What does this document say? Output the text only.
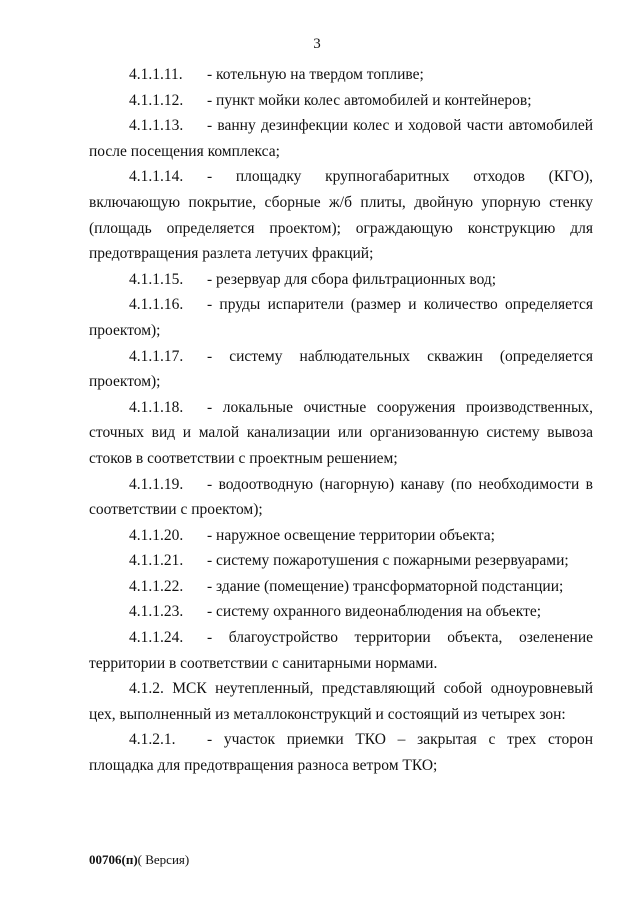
3

4.1.1.11. - котельную на твердом топливе;

4.1.1.12. - пункт мойки колес автомобилей и контейнеров;

4.1.1.13. - ванну дезинфекции колес и ходовой части автомобилей после посещения комплекса;

4.1.1.14. - площадку крупногабаритных отходов (КГО), включающую покрытие, сборные ж/б плиты, двойную упорную стенку (площадь определяется проектом); ограждающую конструкцию для предотвращения разлета летучих фракций;

4.1.1.15. - резервуар для сбора фильтрационных вод;

4.1.1.16. - пруды испарители (размер и количество определяется проектом);

4.1.1.17. - систему наблюдательных скважин (определяется проектом);

4.1.1.18. - локальные очистные сооружения производственных, сточных вид и малой канализации или организованную систему вывоза стоков в соответствии с проектным решением;

4.1.1.19. - водоотводную (нагорную) канаву (по необходимости в соответствии с проектом);

4.1.1.20. - наружное освещение территории объекта;

4.1.1.21. - систему пожаротушения с пожарными резервуарами;

4.1.1.22. - здание (помещение) трансформаторной подстанции;

4.1.1.23. - систему охранного видеонаблюдения на объекте;

4.1.1.24. - благоустройство территории объекта, озеленение территории в соответствии с санитарными нормами.

4.1.2. МСК неутепленный, представляющий собой одноуровневый цех, выполненный из металлоконструкций и состоящий из четырех зон:

4.1.2.1. - участок приемки ТКО – закрытая с трех сторон площадка для предотвращения разноса ветром ТКО;

00706(п)( Версия)
